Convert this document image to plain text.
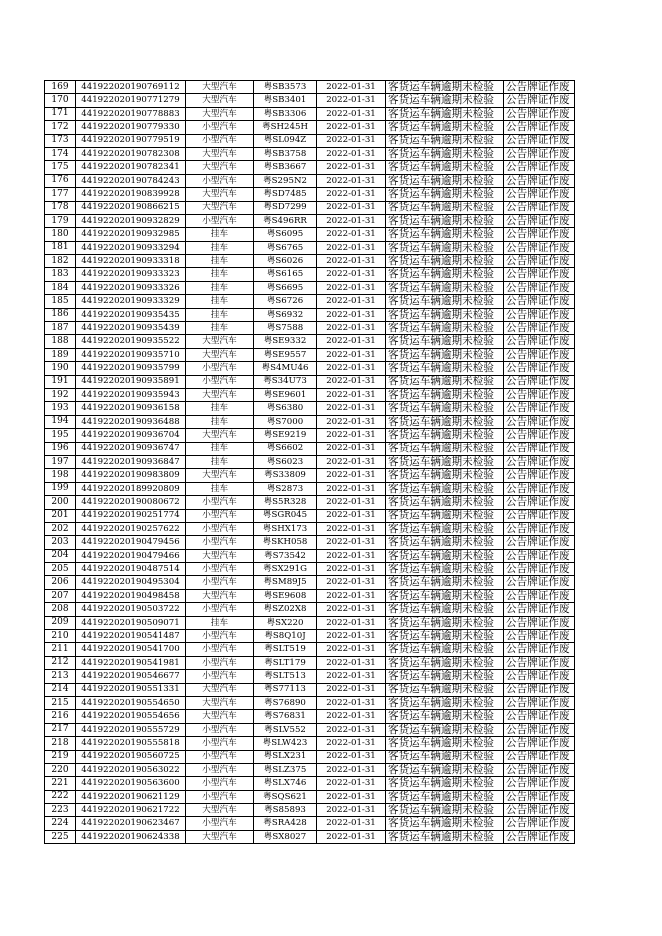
169	441922020190769112	大型汽车	粤SB3573	2022-01-31	客货运车辆逾期未检验	公告牌证作废
170	441922020190771279	大型汽车	粤SB3401	2022-01-31	客货运车辆逾期未检验	公告牌证作废
171	441922020190778883	大型汽车	粤SB3306	2022-01-31	客货运车辆逾期未检验	公告牌证作废
172	441922020190779330	小型汽车	粤SH245H	2022-01-31	客货运车辆逾期未检验	公告牌证作废
173	441922020190779519	小型汽车	粤SL094Z	2022-01-31	客货运车辆逾期未检验	公告牌证作废
174	441922020190782308	大型汽车	粤SB3758	2022-01-31	客货运车辆逾期未检验	公告牌证作废
175	441922020190782341	大型汽车	粤SB3667	2022-01-31	客货运车辆逾期未检验	公告牌证作废
176	441922020190784243	小型汽车	粤S295N2	2022-01-31	客货运车辆逾期未检验	公告牌证作废
177	441922020190839928	大型汽车	粤SD7485	2022-01-31	客货运车辆逾期未检验	公告牌证作废
178	441922020190866215	大型汽车	粤SD7299	2022-01-31	客货运车辆逾期未检验	公告牌证作废
179	441922020190932829	小型汽车	粤S496RR	2022-01-31	客货运车辆逾期未检验	公告牌证作废
180	441922020190932985	挂车	粤S6095	2022-01-31	客货运车辆逾期未检验	公告牌证作废
181	441922020190933294	挂车	粤S6765	2022-01-31	客货运车辆逾期未检验	公告牌证作废
182	441922020190933318	挂车	粤S6026	2022-01-31	客货运车辆逾期未检验	公告牌证作废
183	441922020190933323	挂车	粤S6165	2022-01-31	客货运车辆逾期未检验	公告牌证作废
184	441922020190933326	挂车	粤S6695	2022-01-31	客货运车辆逾期未检验	公告牌证作废
185	441922020190933329	挂车	粤S6726	2022-01-31	客货运车辆逾期未检验	公告牌证作废
186	441922020190935435	挂车	粤S6932	2022-01-31	客货运车辆逾期未检验	公告牌证作废
187	441922020190935439	挂车	粤S7588	2022-01-31	客货运车辆逾期未检验	公告牌证作废
188	441922020190935522	大型汽车	粤SE9332	2022-01-31	客货运车辆逾期未检验	公告牌证作废
189	441922020190935710	大型汽车	粤SE9557	2022-01-31	客货运车辆逾期未检验	公告牌证作废
190	441922020190935799	小型汽车	粤S4MU46	2022-01-31	客货运车辆逾期未检验	公告牌证作废
191	441922020190935891	小型汽车	粤S34U73	2022-01-31	客货运车辆逾期未检验	公告牌证作废
192	441922020190935943	大型汽车	粤SE9601	2022-01-31	客货运车辆逾期未检验	公告牌证作废
193	441922020190936158	挂车	粤S6380	2022-01-31	客货运车辆逾期未检验	公告牌证作废
194	441922020190936488	挂车	粤S7000	2022-01-31	客货运车辆逾期未检验	公告牌证作废
195	441922020190936704	大型汽车	粤SE9219	2022-01-31	客货运车辆逾期未检验	公告牌证作废
196	441922020190936747	挂车	粤S6602	2022-01-31	客货运车辆逾期未检验	公告牌证作废
197	441922020190936847	挂车	粤S6023	2022-01-31	客货运车辆逾期未检验	公告牌证作废
198	441922020190983809	大型汽车	粤S33809	2022-01-31	客货运车辆逾期未检验	公告牌证作废
199	441922020189920809	挂车	粤S2873	2022-01-31	客货运车辆逾期未检验	公告牌证作废
200	441922020190080672	小型汽车	粤S5R328	2022-01-31	客货运车辆逾期未检验	公告牌证作废
201	441922020190251774	小型汽车	粤SGR045	2022-01-31	客货运车辆逾期未检验	公告牌证作废
202	441922020190257622	小型汽车	粤SHX173	2022-01-31	客货运车辆逾期未检验	公告牌证作废
203	441922020190479456	小型汽车	粤SKH058	2022-01-31	客货运车辆逾期未检验	公告牌证作废
204	441922020190479466	大型汽车	粤S73542	2022-01-31	客货运车辆逾期未检验	公告牌证作废
205	441922020190487514	小型汽车	粤SX291G	2022-01-31	客货运车辆逾期未检验	公告牌证作废
206	441922020190495304	小型汽车	粤SM89J5	2022-01-31	客货运车辆逾期未检验	公告牌证作废
207	441922020190498458	大型汽车	粤SE9608	2022-01-31	客货运车辆逾期未检验	公告牌证作废
208	441922020190503722	小型汽车	粤SZ02X8	2022-01-31	客货运车辆逾期未检验	公告牌证作废
209	441922020190509071	挂车	粤SX220	2022-01-31	客货运车辆逾期未检验	公告牌证作废
210	441922020190541487	小型汽车	粤S8Q10J	2022-01-31	客货运车辆逾期未检验	公告牌证作废
211	441922020190541700	小型汽车	粤SLT519	2022-01-31	客货运车辆逾期未检验	公告牌证作废
212	441922020190541981	小型汽车	粤SLT179	2022-01-31	客货运车辆逾期未检验	公告牌证作废
213	441922020190546677	小型汽车	粤SLT513	2022-01-31	客货运车辆逾期未检验	公告牌证作废
214	441922020190551331	大型汽车	粤S77113	2022-01-31	客货运车辆逾期未检验	公告牌证作废
215	441922020190554650	大型汽车	粤S76890	2022-01-31	客货运车辆逾期未检验	公告牌证作废
216	441922020190554656	大型汽车	粤S76831	2022-01-31	客货运车辆逾期未检验	公告牌证作废
217	441922020190555729	小型汽车	粤SLV552	2022-01-31	客货运车辆逾期未检验	公告牌证作废
218	441922020190555818	小型汽车	粤SLW423	2022-01-31	客货运车辆逾期未检验	公告牌证作废
219	441922020190560725	小型汽车	粤SLX231	2022-01-31	客货运车辆逾期未检验	公告牌证作废
220	441922020190563022	小型汽车	粤SLZ375	2022-01-31	客货运车辆逾期未检验	公告牌证作废
221	441922020190563600	小型汽车	粤SLX746	2022-01-31	客货运车辆逾期未检验	公告牌证作废
222	441922020190621129	小型汽车	粤SQS621	2022-01-31	客货运车辆逾期未检验	公告牌证作废
223	441922020190621722	大型汽车	粤S85893	2022-01-31	客货运车辆逾期未检验	公告牌证作废
224	441922020190623467	小型汽车	粤SRA428	2022-01-31	客货运车辆逾期未检验	公告牌证作废
225	441922020190624338	大型汽车	粤SX8027	2022-01-31	客货运车辆逾期未检验	公告牌证作废
